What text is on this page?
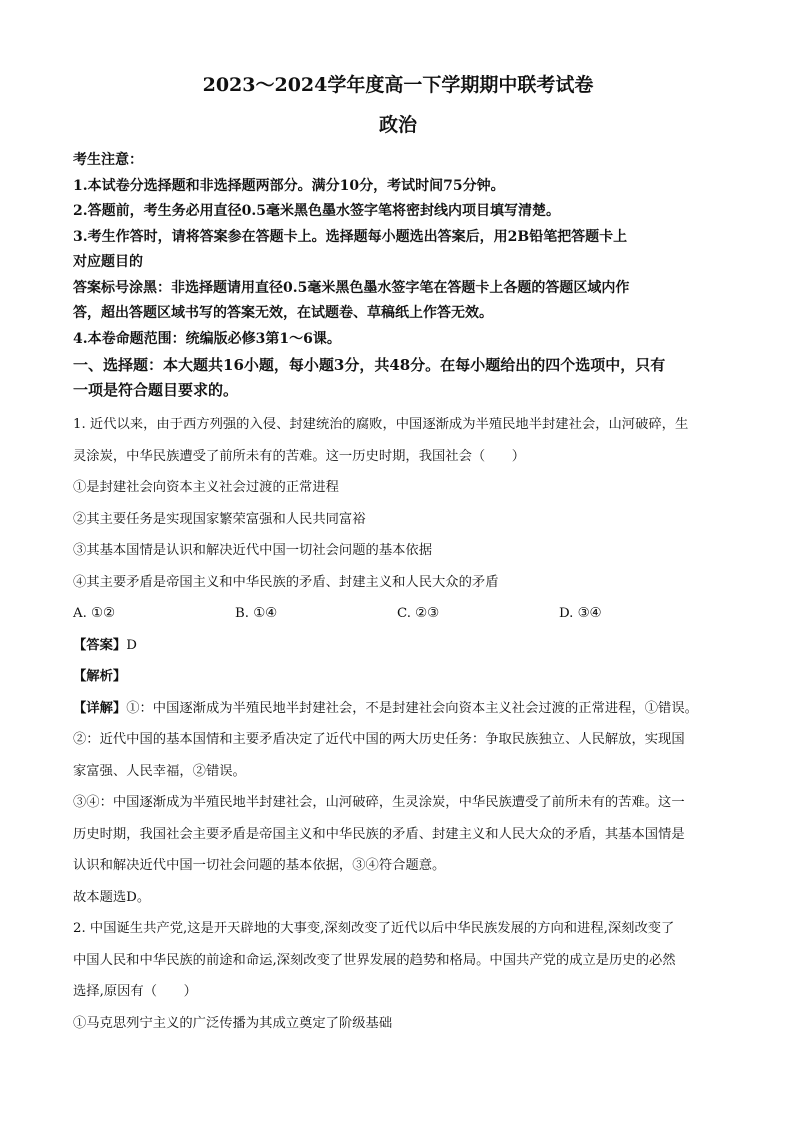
2023～2024学年度高一下学期期中联考试卷
政治
考生注意：
1.本试卷分选择题和非选择题两部分。满分10分，考试时间75分钟。
2.答题前，考生务必用直径0.5毫米黑色墨水签字笔将密封线内项目填写清楚。
3.考生作答时，请将答案参在答题卡上。选择题每小题选出答案后，用2B铅笔把答题卡上
对应题目的
答案标号涂黑：非选择题请用直径0.5毫米黑色墨水签字笔在答题卡上各题的答题区域内作
答，超出答题区域书写的答案无效，在试题卷、草稿纸上作答无效。
4.本卷命题范围：统编版必修3第1～6课。
一、选择题：本大题共16小题，每小题3分，共48分。在每小题给出的四个选项中，只有
一项是符合题目要求的。
1. 近代以来，由于西方列强的入侵、封建统治的腐败，中国逐渐成为半殖民地半封建社会，山河破碎，生
灵涂炭，中华民族遭受了前所未有的苦难。这一历史时期，我国社会（　　）
①是封建社会向资本主义社会过渡的正常进程
②其主要任务是实现国家繁荣富强和人民共同富裕
③其基本国情是认识和解决近代中国一切社会问题的基本依据
④其主要矛盾是帝国主义和中华民族的矛盾、封建主义和人民大众的矛盾
A. ①②	B. ①④	C. ②③	D. ③④
【答案】D
【解析】
【详解】①：中国逐渐成为半殖民地半封建社会，不是封建社会向资本主义社会过渡的正常进程，①错误。
②：近代中国的基本国情和主要矛盾决定了近代中国的两大历史任务：争取民族独立、人民解放，实现国
家富强、人民幸福，②错误。
③④：中国逐渐成为半殖民地半封建社会，山河破碎，生灵涂炭，中华民族遭受了前所未有的苦难。这一
历史时期，我国社会主要矛盾是帝国主义和中华民族的矛盾、封建主义和人民大众的矛盾，其基本国情是
认识和解决近代中国一切社会问题的基本依据，③④符合题意。
故本题选D。
2. 中国诞生共产党,这是开天辟地的大事变,深刻改变了近代以后中华民族发展的方向和进程,深刻改变了
中国人民和中华民族的前途和命运,深刻改变了世界发展的趋势和格局。中国共产党的成立是历史的必然
选择,原因有（　　）
①马克思列宁主义的广泛传播为其成立奠定了阶级基础
